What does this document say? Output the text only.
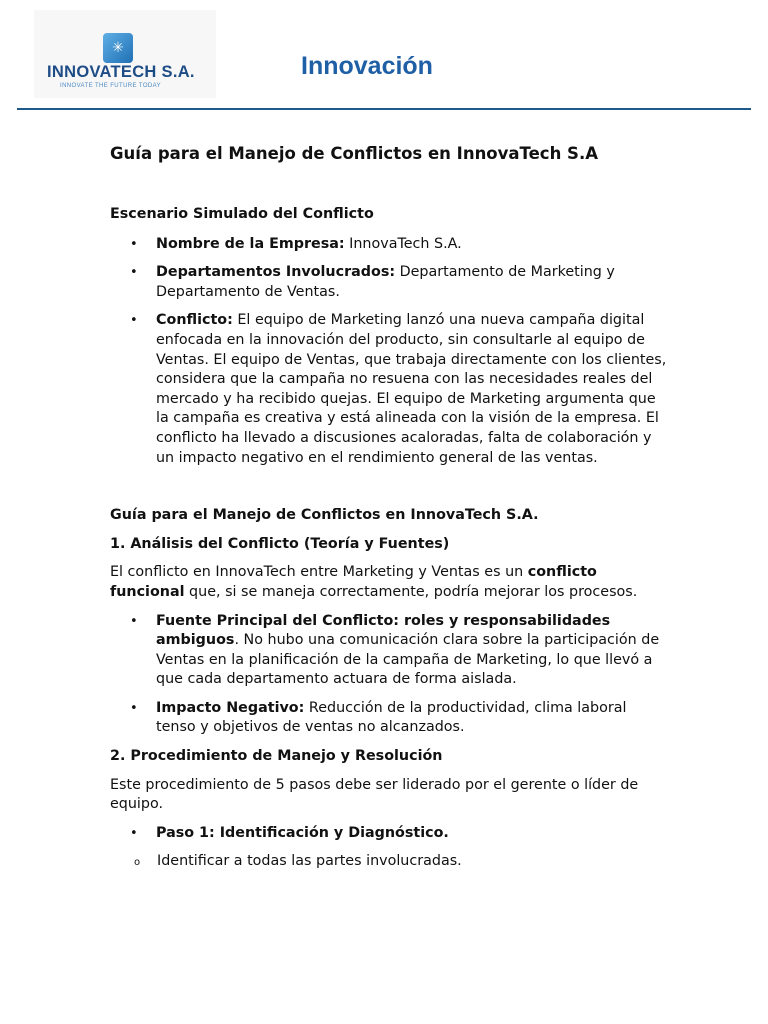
✳
INNOVATECH S.A.
INNOVATE THE FUTURE TODAY
Innovación

Guía para el Manejo de Conflictos en InnovaTech S.A

Escenario Simulado del Conflicto

• Nombre de la Empresa: InnovaTech S.A.
• Departamentos Involucrados: Departamento de Marketing y Departamento de Ventas.
• Conflicto: El equipo de Marketing lanzó una nueva campaña digital enfocada en la innovación del producto, sin consultarle al equipo de Ventas. El equipo de Ventas, que trabaja directamente con los clientes, considera que la campaña no resuena con las necesidades reales del mercado y ha recibido quejas. El equipo de Marketing argumenta que la campaña es creativa y está alineada con la visión de la empresa. El conflicto ha llevado a discusiones acaloradas, falta de colaboración y un impacto negativo en el rendimiento general de las ventas.

Guía para el Manejo de Conflictos en InnovaTech S.A.

1. Análisis del Conflicto (Teoría y Fuentes)

El conflicto en InnovaTech entre Marketing y Ventas es un conflicto funcional que, si se maneja correctamente, podría mejorar los procesos.

• Fuente Principal del Conflicto: roles y responsabilidades ambiguos. No hubo una comunicación clara sobre la participación de Ventas en la planificación de la campaña de Marketing, lo que llevó a que cada departamento actuara de forma aislada.
• Impacto Negativo: Reducción de la productividad, clima laboral tenso y objetivos de ventas no alcanzados.

2. Procedimiento de Manejo y Resolución

Este procedimiento de 5 pasos debe ser liderado por el gerente o líder de equipo.

• Paso 1: Identificación y Diagnóstico.
o Identificar a todas las partes involucradas.
